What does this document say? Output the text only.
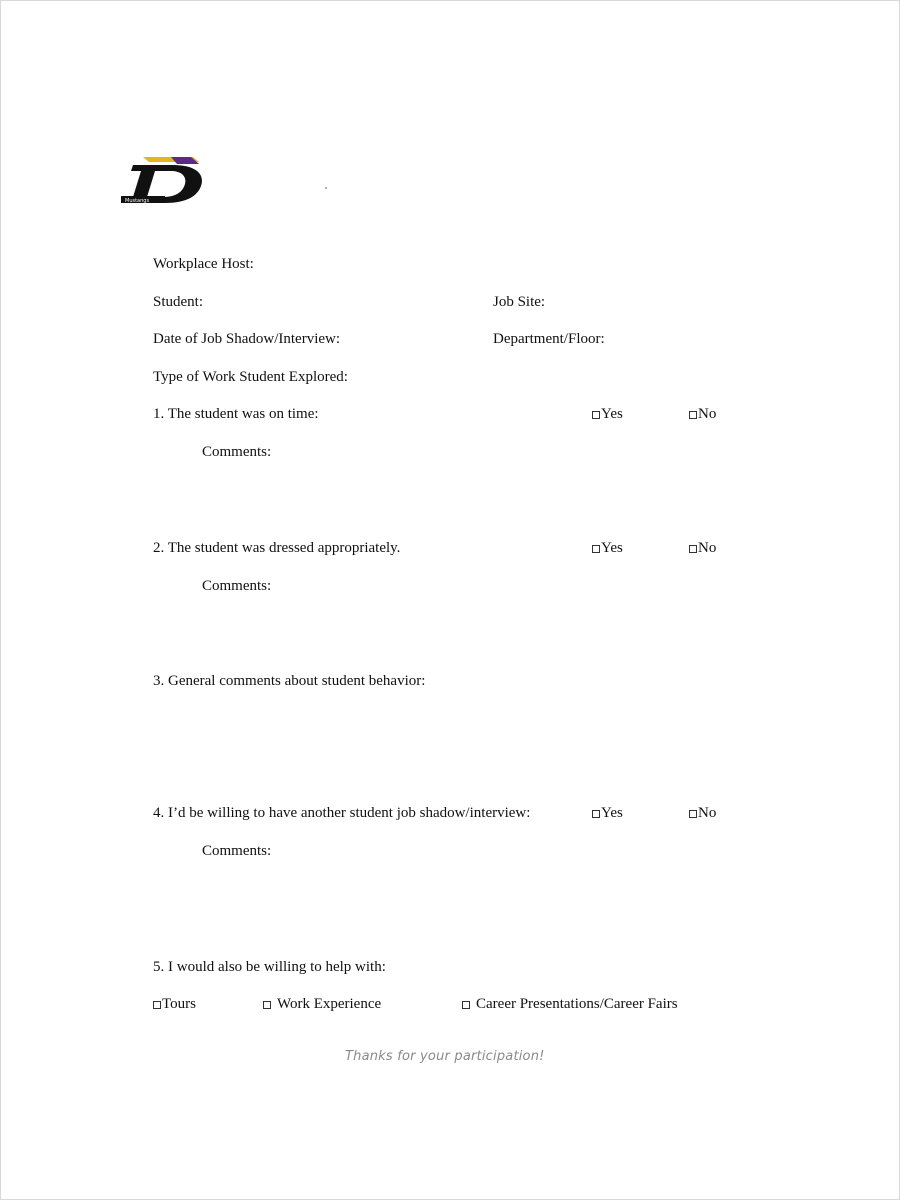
Mustangs
Workplace Host:
Student:	Job Site:
Date of Job Shadow/Interview:	Department/Floor:
Type of Work Student Explored:
1. The student was on time:	Yes	No
Comments:
2. The student was dressed appropriately.	Yes	No
Comments:
3. General comments about student behavior:
4. I’d be willing to have another student job shadow/interview:	Yes	No
Comments:
5. I would also be willing to help with:
Tours	Work Experience	Career Presentations/Career Fairs
Thanks for your participation!
